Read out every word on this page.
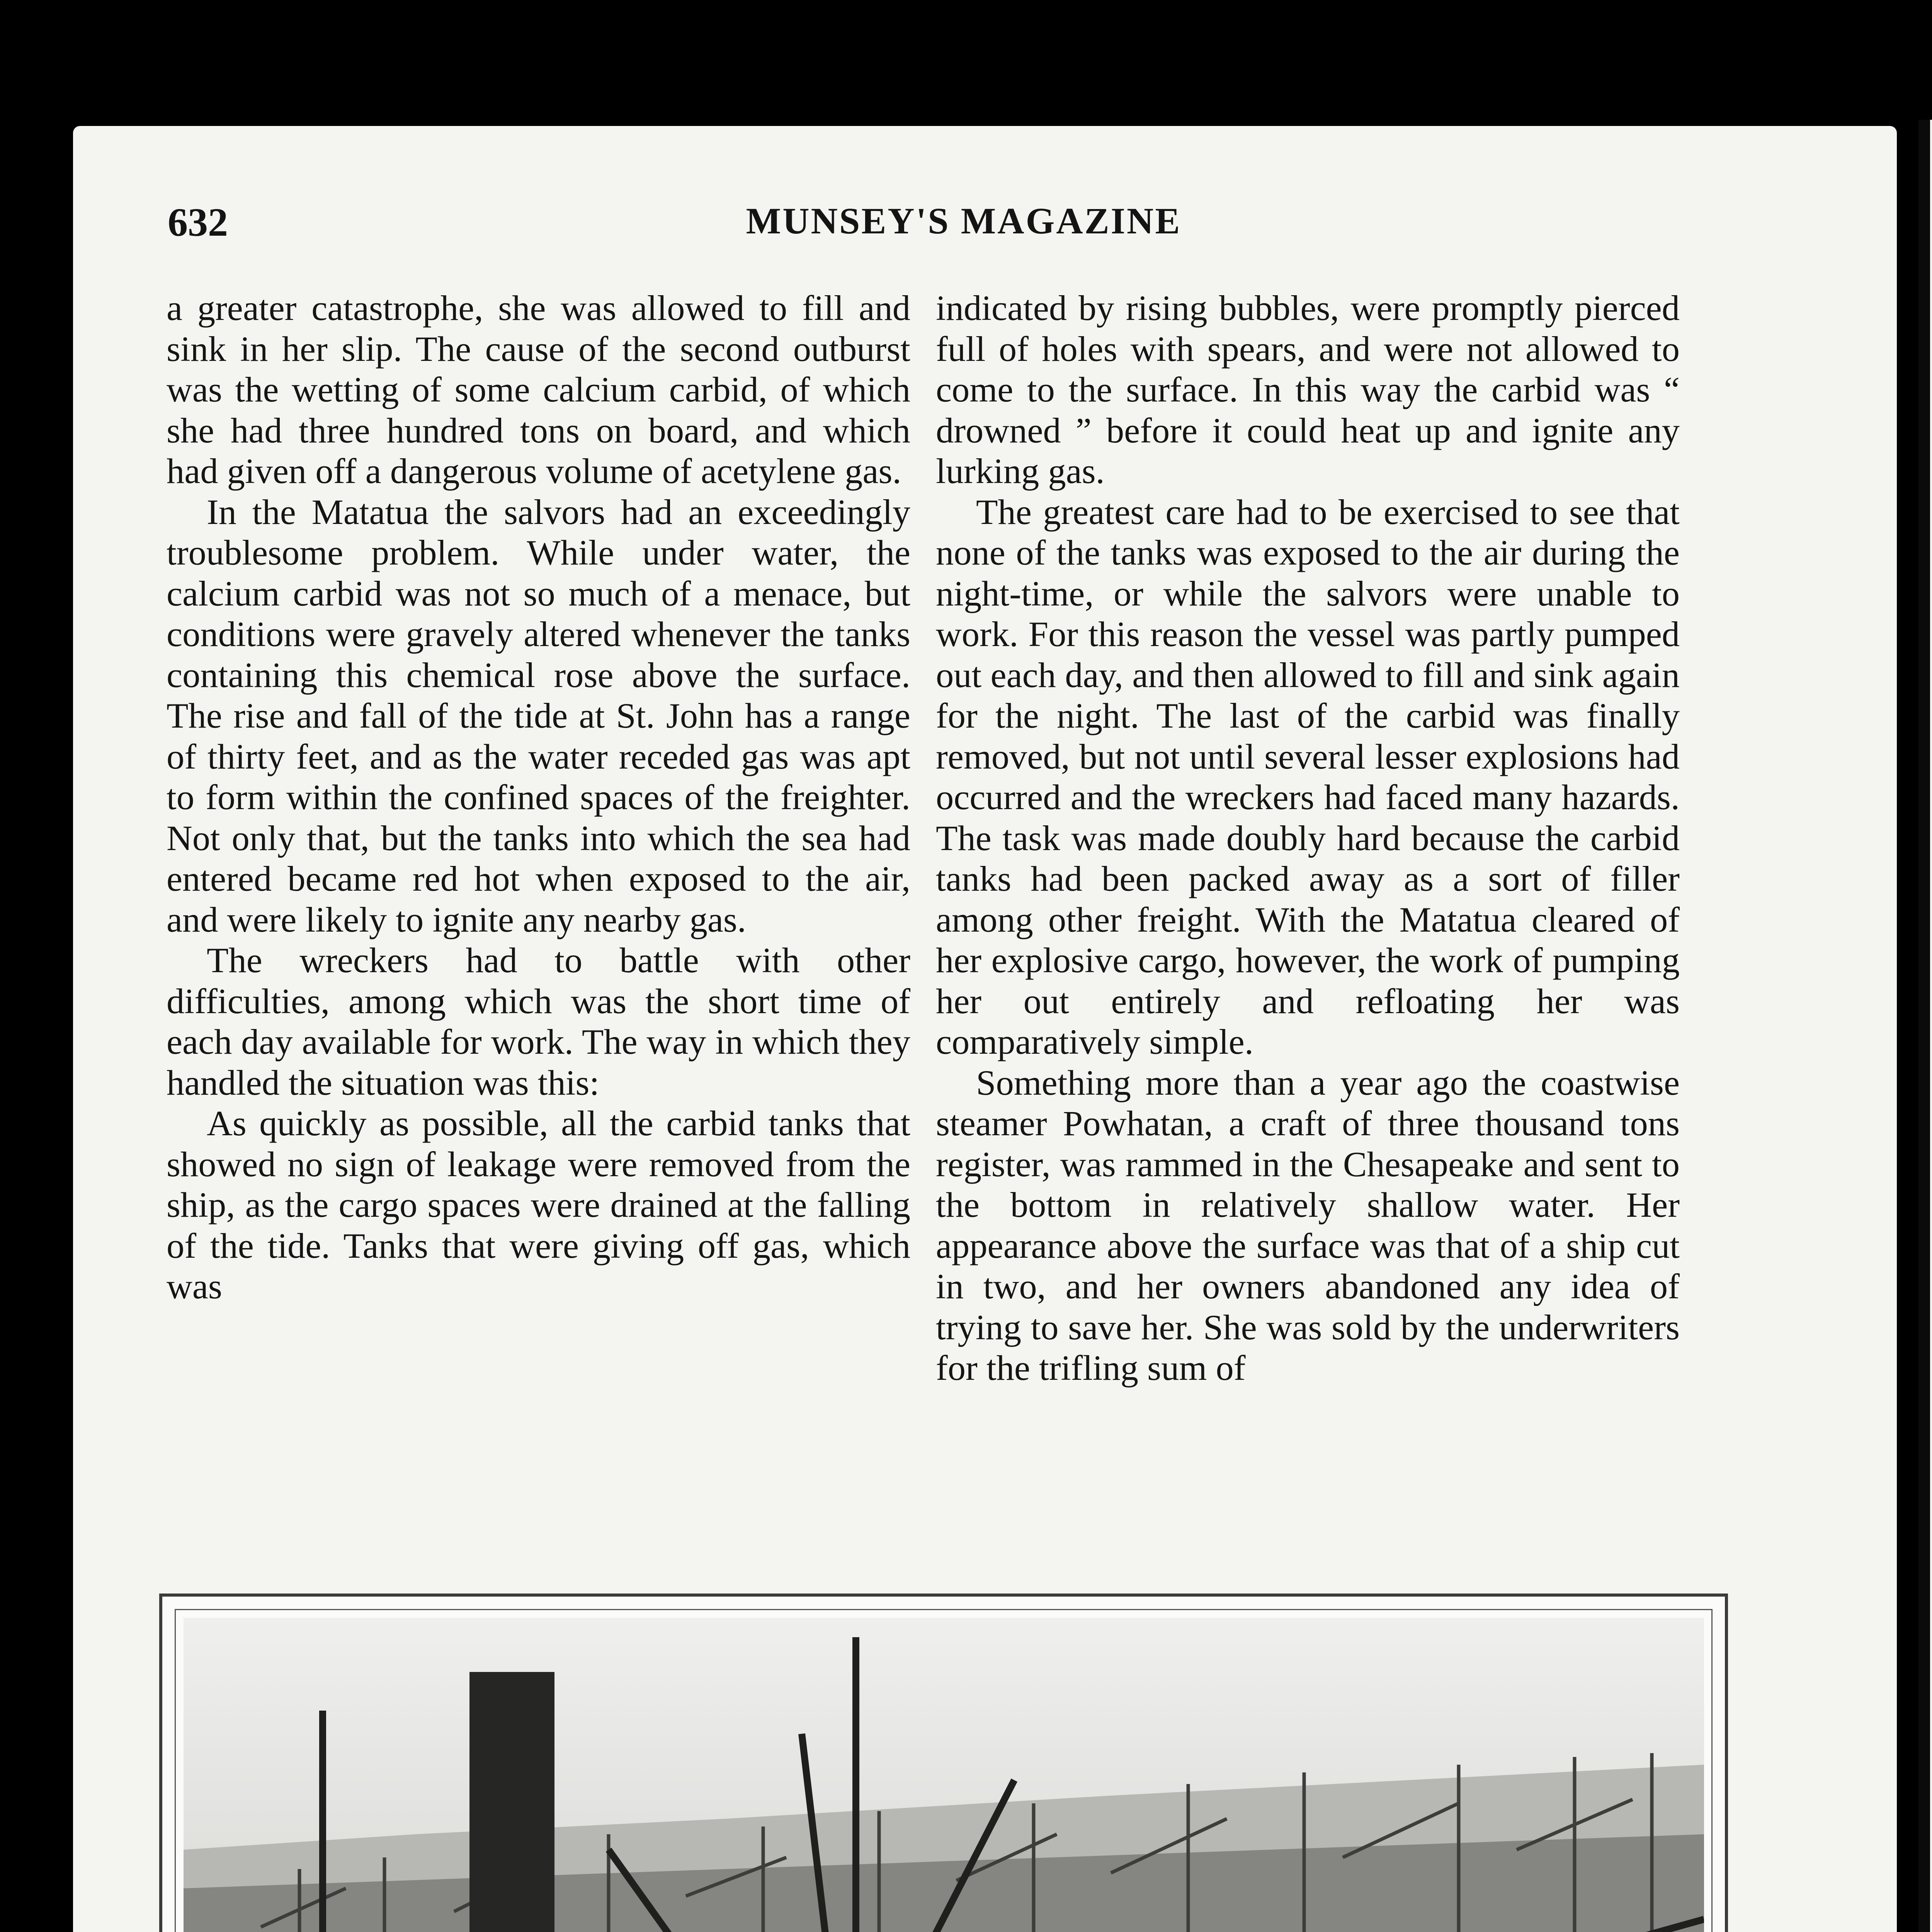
632	MUNSEY'S MAGAZINE

a greater catastrophe, she was allowed to fill and sink in her slip. The cause of the second outburst was the wetting of some calcium carbid, of which she had three hundred tons on board, and which had given off a dangerous volume of acetylene gas.

In the Matatua the salvors had an exceedingly troublesome problem. While under water, the calcium carbid was not so much of a menace, but conditions were gravely altered whenever the tanks containing this chemical rose above the surface. The rise and fall of the tide at St. John has a range of thirty feet, and as the water receded gas was apt to form within the confined spaces of the freighter. Not only that, but the tanks into which the sea had entered became red hot when exposed to the air, and were likely to ignite any nearby gas.

The wreckers had to battle with other difficulties, among which was the short time of each day available for work. The way in which they handled the situation was this:

As quickly as possible, all the carbid tanks that showed no sign of leakage were removed from the ship, as the cargo spaces were drained at the falling of the tide. Tanks that were giving off gas, which was

indicated by rising bubbles, were promptly pierced full of holes with spears, and were not allowed to come to the surface. In this way the carbid was “ drowned ” before it could heat up and ignite any lurking gas.

The greatest care had to be exercised to see that none of the tanks was exposed to the air during the night-time, or while the salvors were unable to work. For this reason the vessel was partly pumped out each day, and then allowed to fill and sink again for the night. The last of the carbid was finally removed, but not until several lesser explosions had occurred and the wreckers had faced many hazards. The task was made doubly hard because the carbid tanks had been packed away as a sort of filler among other freight. With the Matatua cleared of her explosive cargo, however, the work of pumping her out entirely and refloating her was comparatively simple.

Something more than a year ago the coastwise steamer Powhatan, a craft of three thousand tons register, was rammed in the Chesapeake and sent to the bottom in relatively shallow water. Her appearance above the surface was that of a ship cut in two, and her owners abandoned any idea of trying to save her. She was sold by the underwriters for the trifling sum of
